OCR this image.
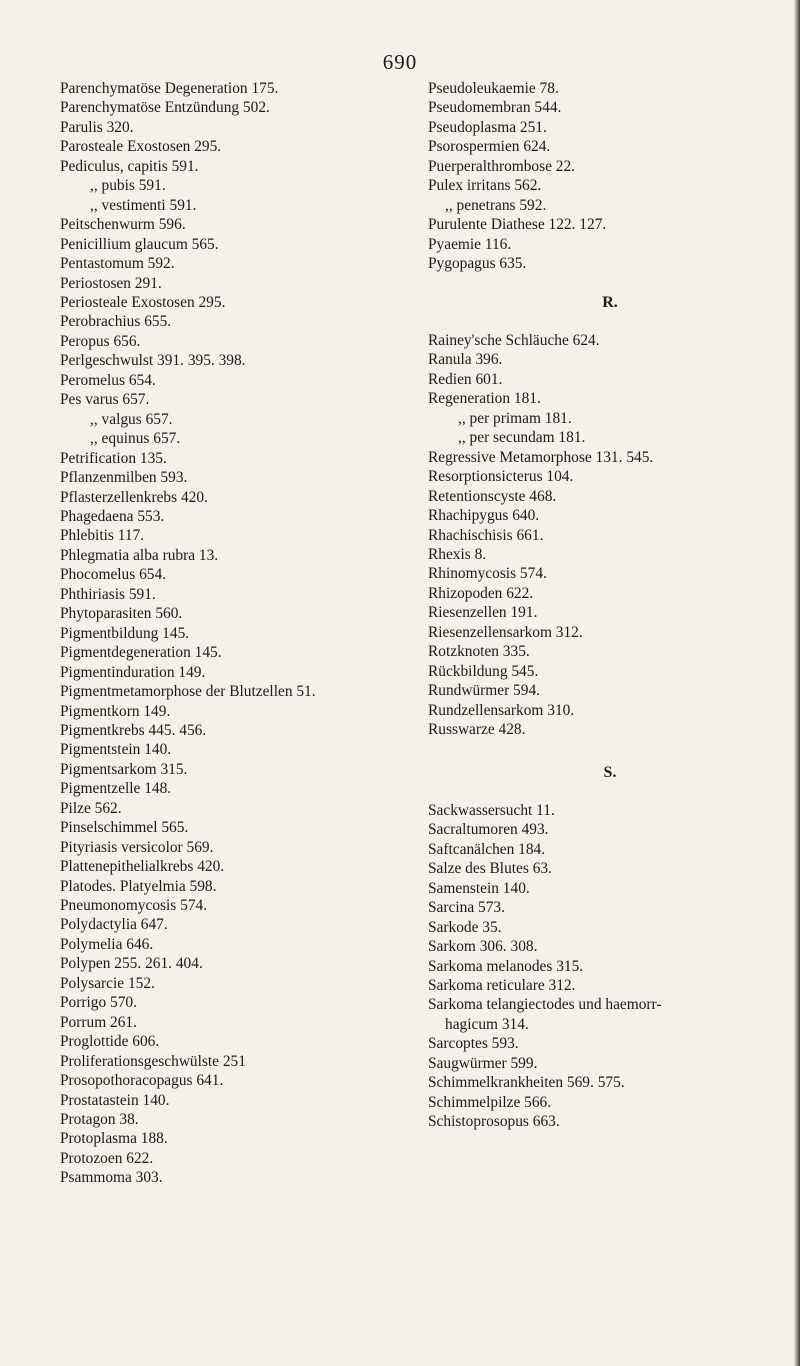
690
Parenchymatöse Degeneration 175.
Parenchymatöse Entzündung 502.
Parulis 320.
Parosteale Exostosen 295.
Pediculus, capitis 591.
,, pubis 591.
,, vestimenti 591.
Peitschenwurm 596.
Penicillium glaucum 565.
Pentastomum 592.
Periostosen 291.
Periosteale Exostosen 295.
Perobrachius 655.
Peropus 656.
Perlgeschwulst 391. 395. 398.
Peromelus 654.
Pes varus 657.
,, valgus 657.
,, equinus 657.
Petrification 135.
Pflanzenmilben 593.
Pflasterzellenkrebs 420.
Phagedaena 553.
Phlebitis 117.
Phlegmatia alba rubra 13.
Phocomelus 654.
Phthiriasis 591.
Phytoparasiten 560.
Pigmentbildung 145.
Pigmentdegeneration 145.
Pigmentinduration 149.
Pigmentmetamorphose der Blutzellen 51.
Pigmentkorn 149.
Pigmentkrebs 445. 456.
Pigmentstein 140.
Pigmentsarkom 315.
Pigmentzelle 148.
Pilze 562.
Pinselschimmel 565.
Pityriasis versicolor 569.
Plattenepithelialkrebs 420.
Platodes. Platyelmia 598.
Pneumonomycosis 574.
Polydactylia 647.
Polymelia 646.
Polypen 255. 261. 404.
Polysarcie 152.
Porrigo 570.
Porrum 261.
Proglottide 606.
Proliferationsgeschwülste 251
Prosopothoracopagus 641.
Prostatastein 140.
Protagon 38.
Protoplasma 188.
Protozoen 622.
Psammoma 303.
Pseudoleukaemie 78.
Pseudomembran 544.
Pseudoplasma 251.
Psorospermien 624.
Puerperalthrombose 22.
Pulex irritans 562.
,, penetrans 592.
Purulente Diathese 122. 127.
Pyaemie 116.
Pygopagus 635.
R.
Rainey'sche Schläuche 624.
Ranula 396.
Redien 601.
Regeneration 181.
,, per primam 181.
,, per secundam 181.
Regressive Metamorphose 131. 545.
Resorptionsicterus 104.
Retentionscyste 468.
Rhachipygus 640.
Rhachischisis 661.
Rhexis 8.
Rhinomycosis 574.
Rhizopoden 622.
Riesenzellen 191.
Riesenzellensarkom 312.
Rotzknoten 335.
Rückbildung 545.
Rundwürmer 594.
Rundzellensarkom 310.
Russwarze 428.
S.
Sackwassersucht 11.
Sacraltumoren 493.
Saftcanälchen 184.
Salze des Blutes 63.
Samenstein 140.
Sarcina 573.
Sarkode 35.
Sarkom 306. 308.
Sarkoma melanodes 315.
Sarkoma reticulare 312.
Sarkoma telangiectodes und haemorr-
hagicum 314.
Sarcoptes 593.
Saugwürmer 599.
Schimmelkrankheiten 569. 575.
Schimmelpilze 566.
Schistoprosopus 663.
